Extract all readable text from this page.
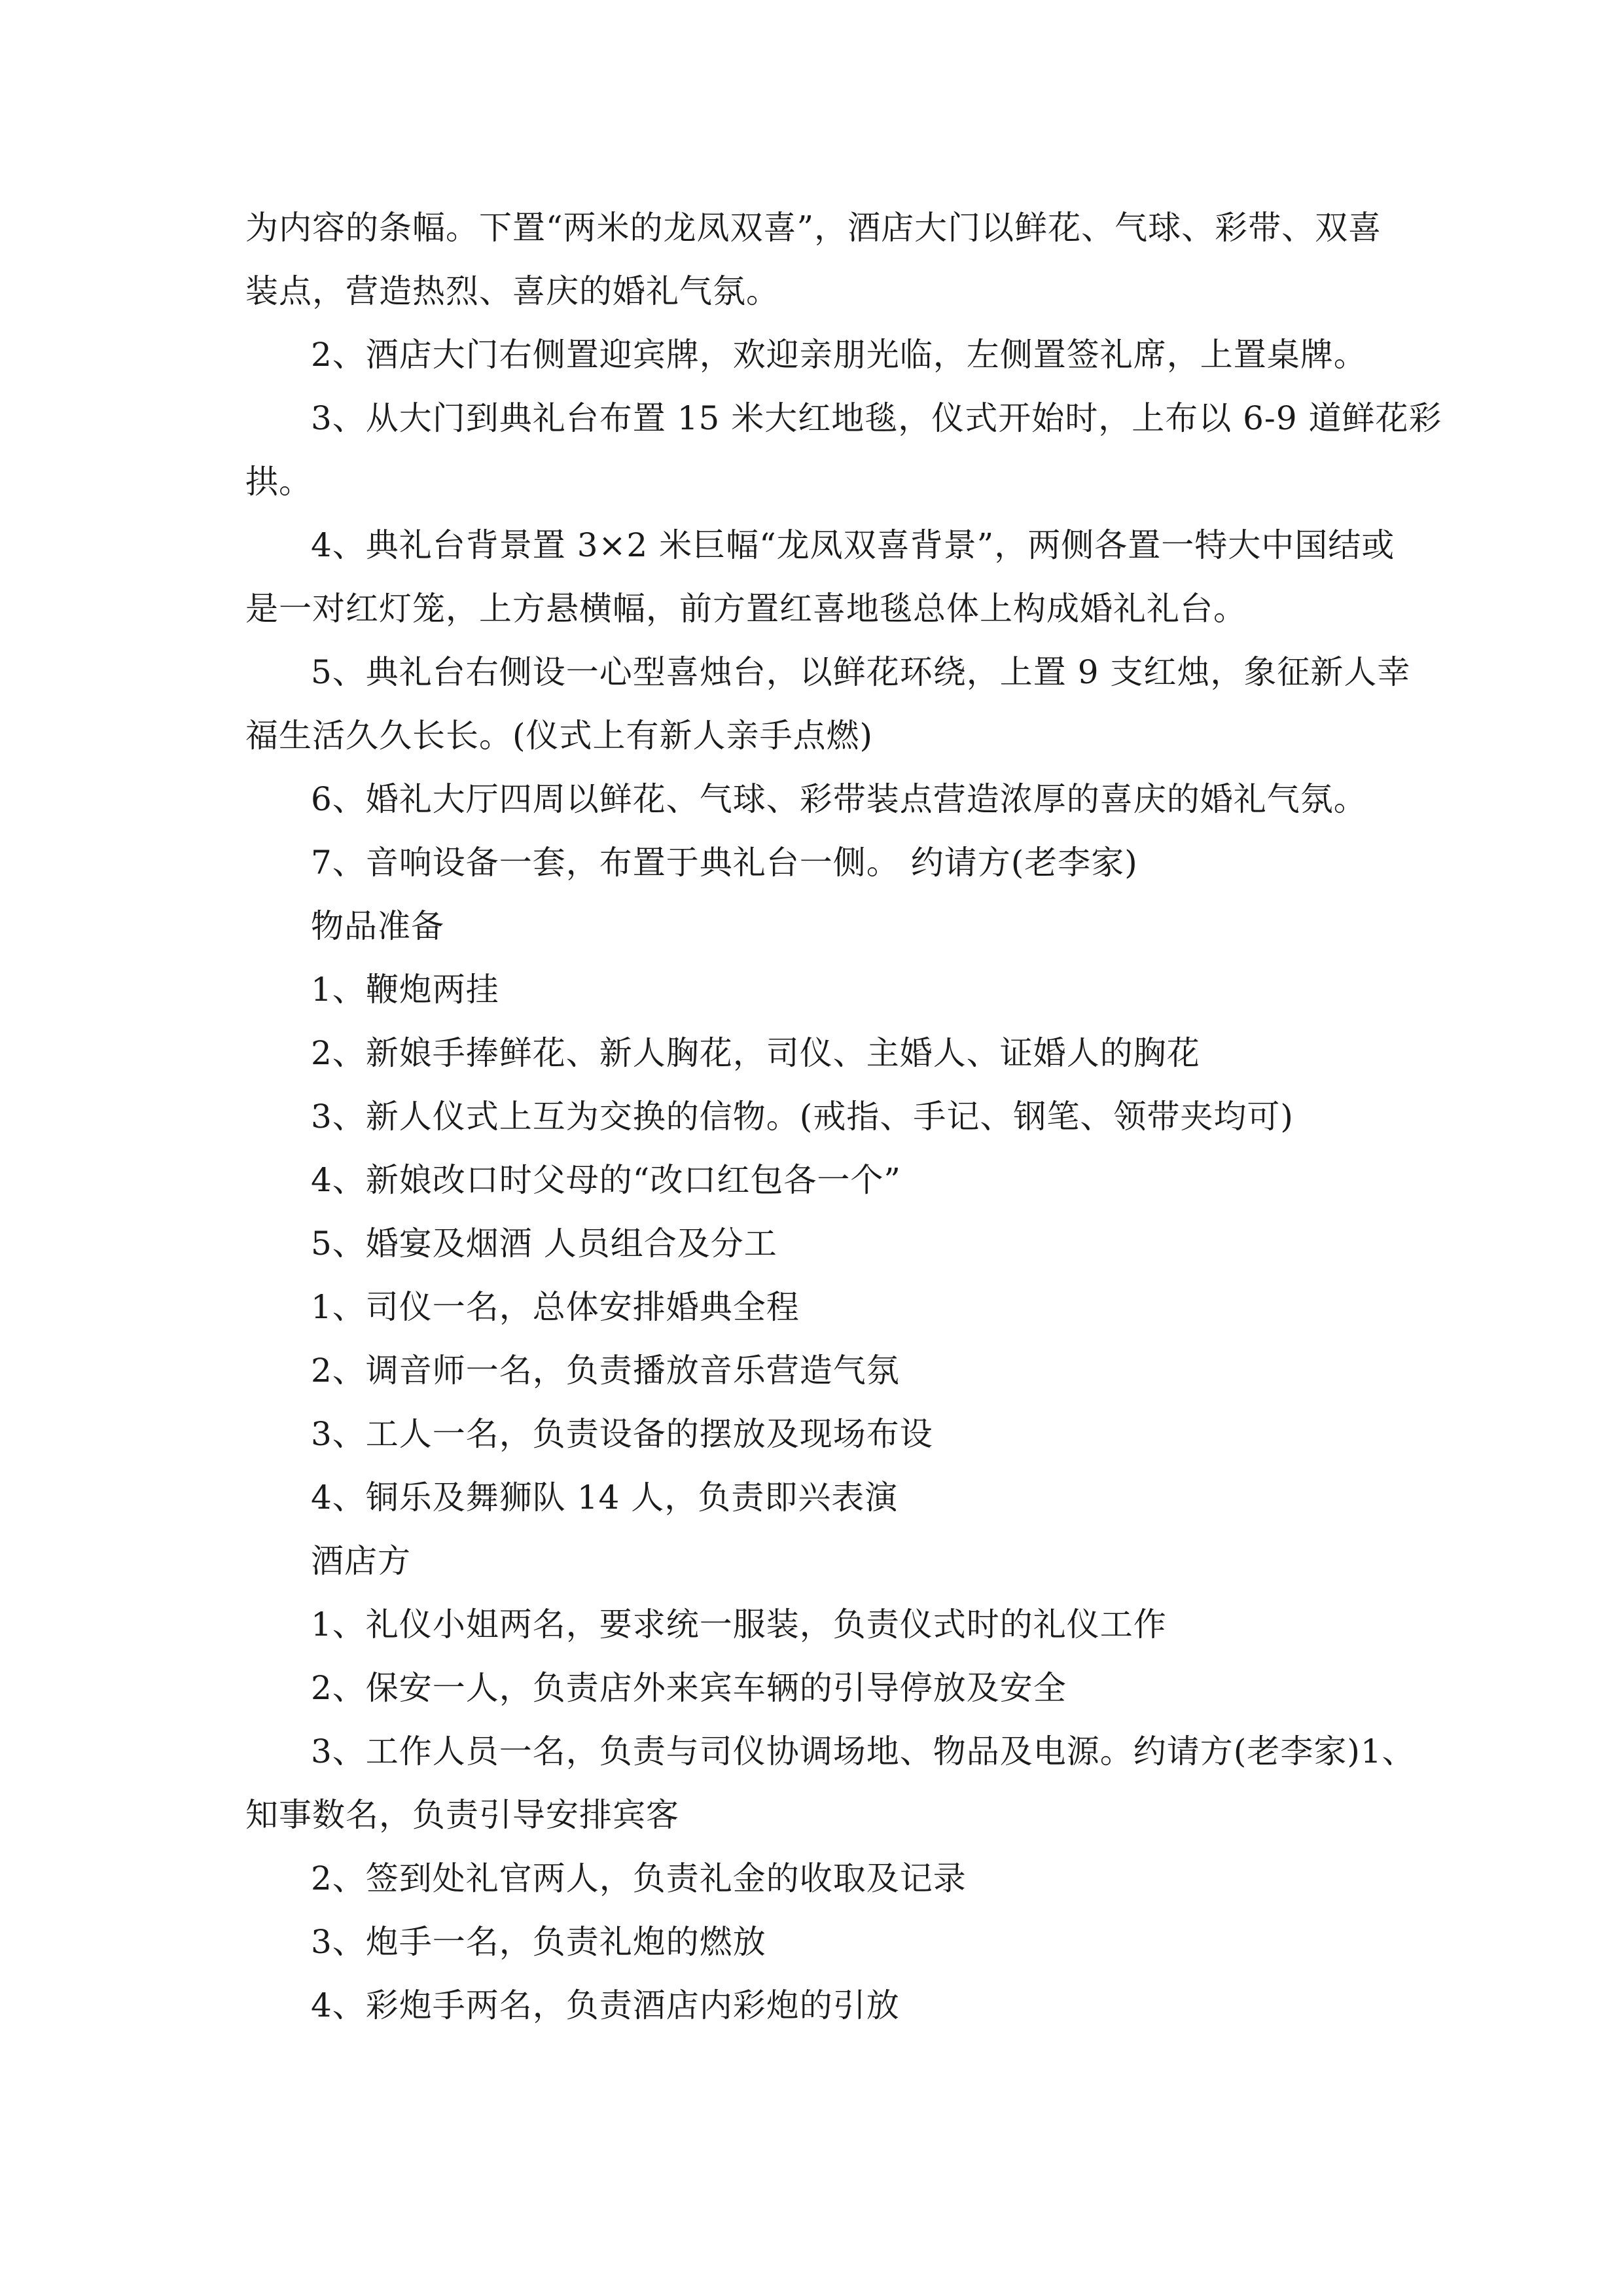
为内容的条幅。下置“两米的龙凤双喜”，酒店大门以鲜花、气球、彩带、双喜
装点，营造热烈、喜庆的婚礼气氛。
2、酒店大门右侧置迎宾牌，欢迎亲朋光临，左侧置签礼席，上置桌牌。
3、从大门到典礼台布置 15 米大红地毯，仪式开始时，上布以 6-9 道鲜花彩
拱。
4、典礼台背景置 3×2 米巨幅“龙凤双喜背景”，两侧各置一特大中国结或
是一对红灯笼，上方悬横幅，前方置红喜地毯总体上构成婚礼礼台。
5、典礼台右侧设一心型喜烛台，以鲜花环绕，上置 9 支红烛，象征新人幸
福生活久久长长。(仪式上有新人亲手点燃)
6、婚礼大厅四周以鲜花、气球、彩带装点营造浓厚的喜庆的婚礼气氛。
7、音响设备一套，布置于典礼台一侧。 约请方(老李家)
物品准备
1、鞭炮两挂
2、新娘手捧鲜花、新人胸花，司仪、主婚人、证婚人的胸花
3、新人仪式上互为交换的信物。(戒指、手记、钢笔、领带夹均可)
4、新娘改口时父母的“改口红包各一个”
5、婚宴及烟酒 人员组合及分工
1、司仪一名，总体安排婚典全程
2、调音师一名，负责播放音乐营造气氛
3、工人一名，负责设备的摆放及现场布设
4、铜乐及舞狮队 14 人，负责即兴表演
酒店方
1、礼仪小姐两名，要求统一服装，负责仪式时的礼仪工作
2、保安一人，负责店外来宾车辆的引导停放及安全
3、工作人员一名，负责与司仪协调场地、物品及电源。约请方(老李家)1、
知事数名，负责引导安排宾客
2、签到处礼官两人，负责礼金的收取及记录
3、炮手一名，负责礼炮的燃放
4、彩炮手两名，负责酒店内彩炮的引放
